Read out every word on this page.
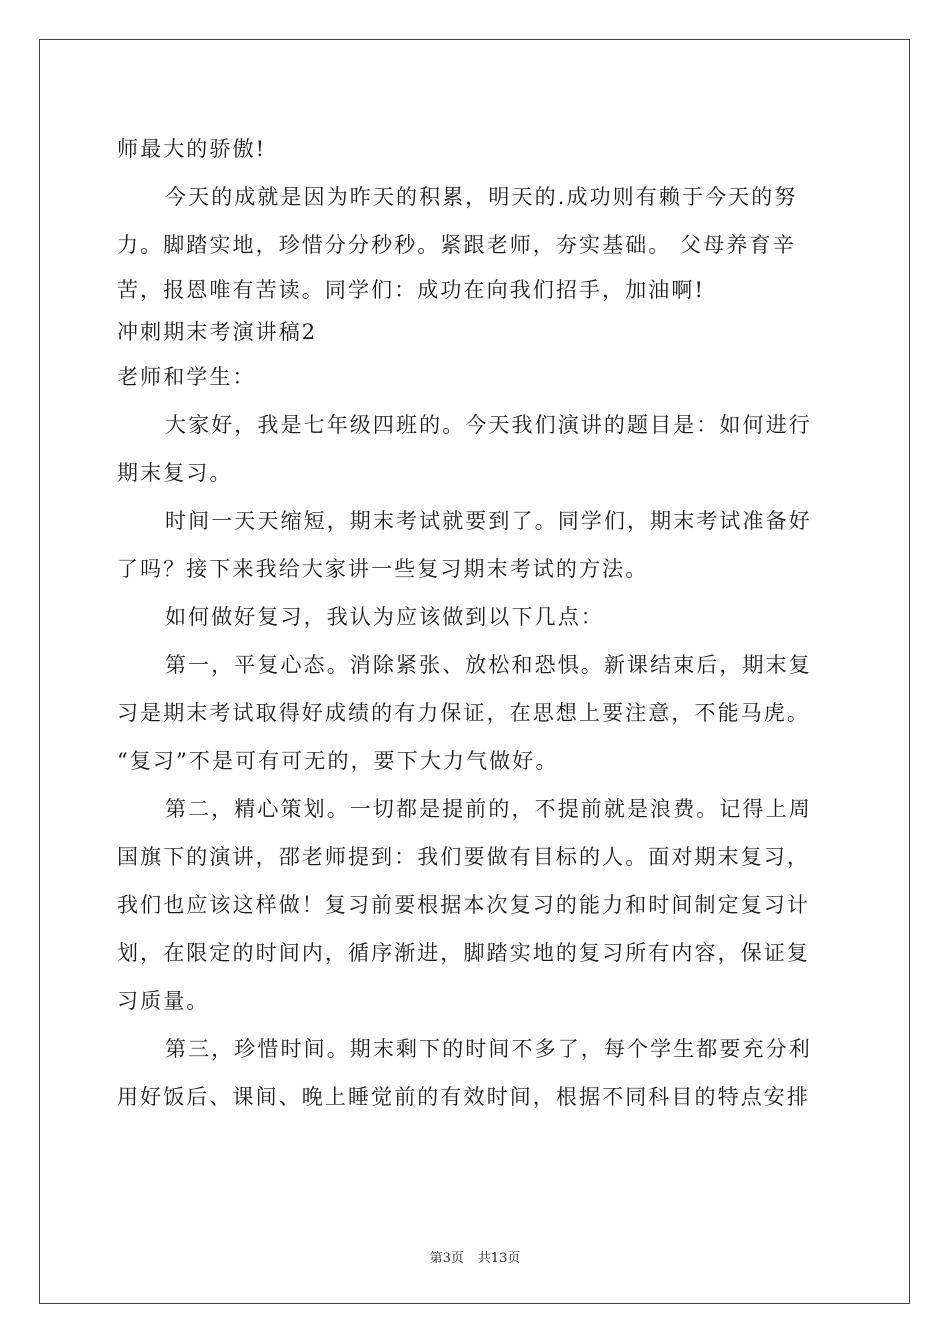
师最大的骄傲!
今天的成就是因为昨天的积累，明天的.成功则有赖于今天的努
力。脚踏实地，珍惜分分秒秒。紧跟老师，夯实基础。 父母养育辛
苦，报恩唯有苦读。同学们：成功在向我们招手，加油啊!
冲刺期末考演讲稿2
老师和学生：
大家好，我是七年级四班的。今天我们演讲的题目是：如何进行
期末复习。
时间一天天缩短，期末考试就要到了。同学们，期末考试准备好
了吗？接下来我给大家讲一些复习期末考试的方法。
如何做好复习，我认为应该做到以下几点：
第一，平复心态。消除紧张、放松和恐惧。新课结束后，期末复
习是期末考试取得好成绩的有力保证，在思想上要注意，不能马虎。
“复习”不是可有可无的，要下大力气做好。
第二，精心策划。一切都是提前的，不提前就是浪费。记得上周
国旗下的演讲，邵老师提到：我们要做有目标的人。面对期末复习，
我们也应该这样做！复习前要根据本次复习的能力和时间制定复习计
划，在限定的时间内，循序渐进，脚踏实地的复习所有内容，保证复
习质量。
第三，珍惜时间。期末剩下的时间不多了，每个学生都要充分利
用好饭后、课间、晚上睡觉前的有效时间，根据不同科目的特点安排
第3页 共13页
